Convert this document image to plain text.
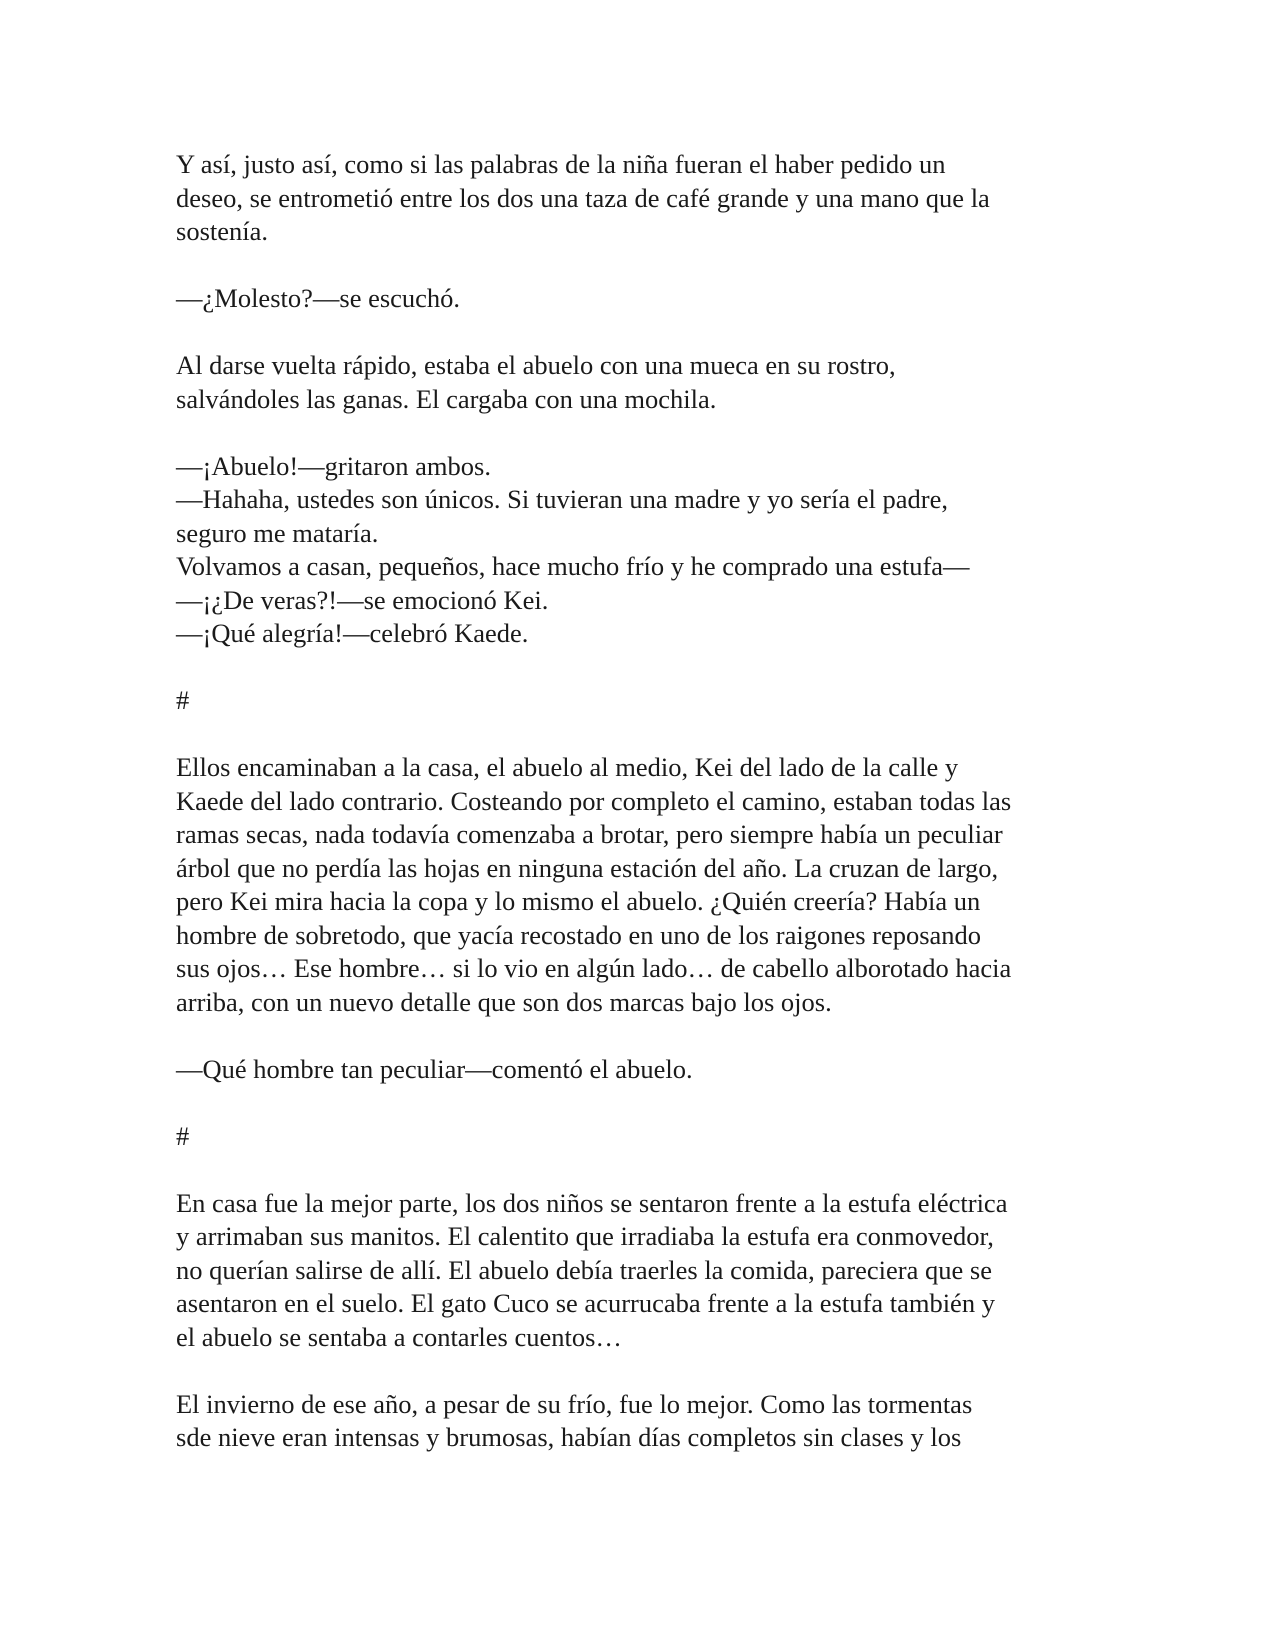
Y así, justo así, como si las palabras de la niña fueran el haber pedido un
deseo, se entrometió entre los dos una taza de café grande y una mano que la
sostenía.
—¿Molesto?—se escuchó.
Al darse vuelta rápido, estaba el abuelo con una mueca en su rostro,
salvándoles las ganas. El cargaba con una mochila.
—¡Abuelo!—gritaron ambos.
—Hahaha, ustedes son únicos. Si tuvieran una madre y yo sería el padre,
seguro me mataría.
Volvamos a casan, pequeños, hace mucho frío y he comprado una estufa—
—¡¿De veras?!—se emocionó Kei.
—¡Qué alegría!—celebró Kaede.
#
Ellos encaminaban a la casa, el abuelo al medio, Kei del lado de la calle y
Kaede del lado contrario. Costeando por completo el camino, estaban todas las
ramas secas, nada todavía comenzaba a brotar, pero siempre había un peculiar
árbol que no perdía las hojas en ninguna estación del año. La cruzan de largo,
pero Kei mira hacia la copa y lo mismo el abuelo. ¿Quién creería? Había un
hombre de sobretodo, que yacía recostado en uno de los raigones reposando
sus ojos… Ese hombre… si lo vio en algún lado… de cabello alborotado hacia
arriba, con un nuevo detalle que son dos marcas bajo los ojos.
—Qué hombre tan peculiar—comentó el abuelo.
#
En casa fue la mejor parte, los dos niños se sentaron frente a la estufa eléctrica
y arrimaban sus manitos. El calentito que irradiaba la estufa era conmovedor,
no querían salirse de allí. El abuelo debía traerles la comida, pareciera que se
asentaron en el suelo. El gato Cuco se acurrucaba frente a la estufa también y
el abuelo se sentaba a contarles cuentos…
El invierno de ese año, a pesar de su frío, fue lo mejor. Como las tormentas
sde nieve eran intensas y brumosas, habían días completos sin clases y los
